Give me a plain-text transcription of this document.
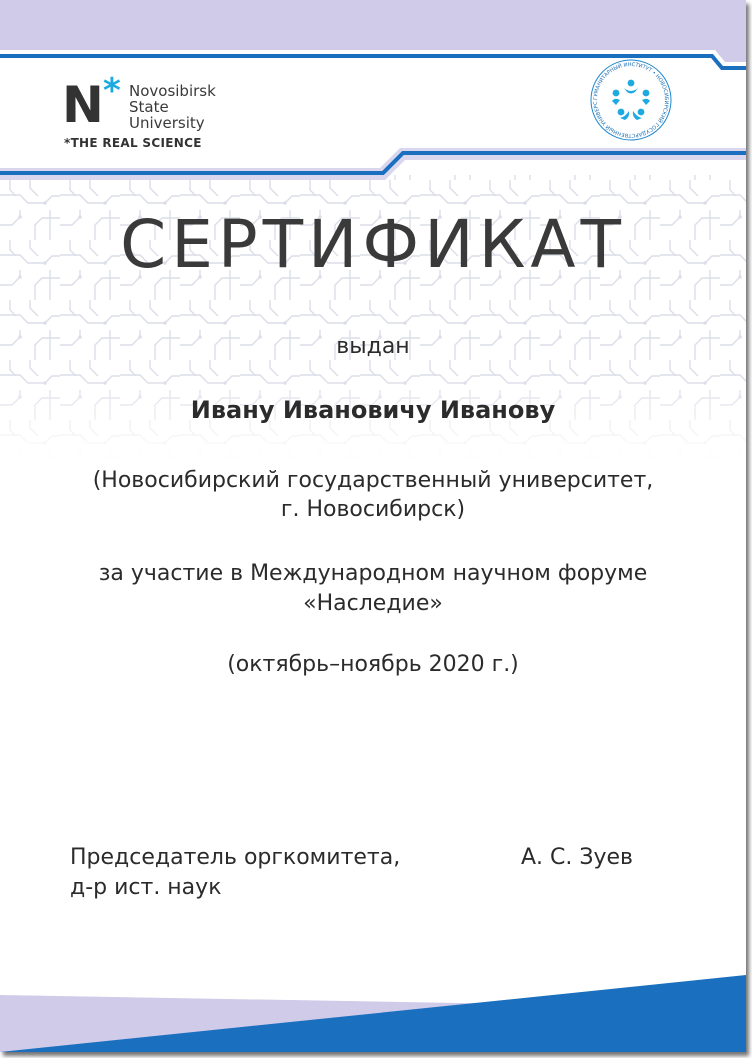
N * Novosibirsk
State
University
*THE REAL SCIENCE
ГУМАНИТАРНЫЙ ИНСТИТУТ • НОВОСИБИРСКИЙ ГОСУДАРСТВЕННЫЙ УНИВЕРС
СЕРТИФИКАТ
выдан
Ивану Ивановичу Иванову
(Новосибирский государственный университет,
г. Новосибирск)
за участие в Международном научном форуме
«Наследие»
(октябрь–ноябрь 2020 г.)
Председатель оргкомитета,
д-р ист. наук
А. С. Зуев
